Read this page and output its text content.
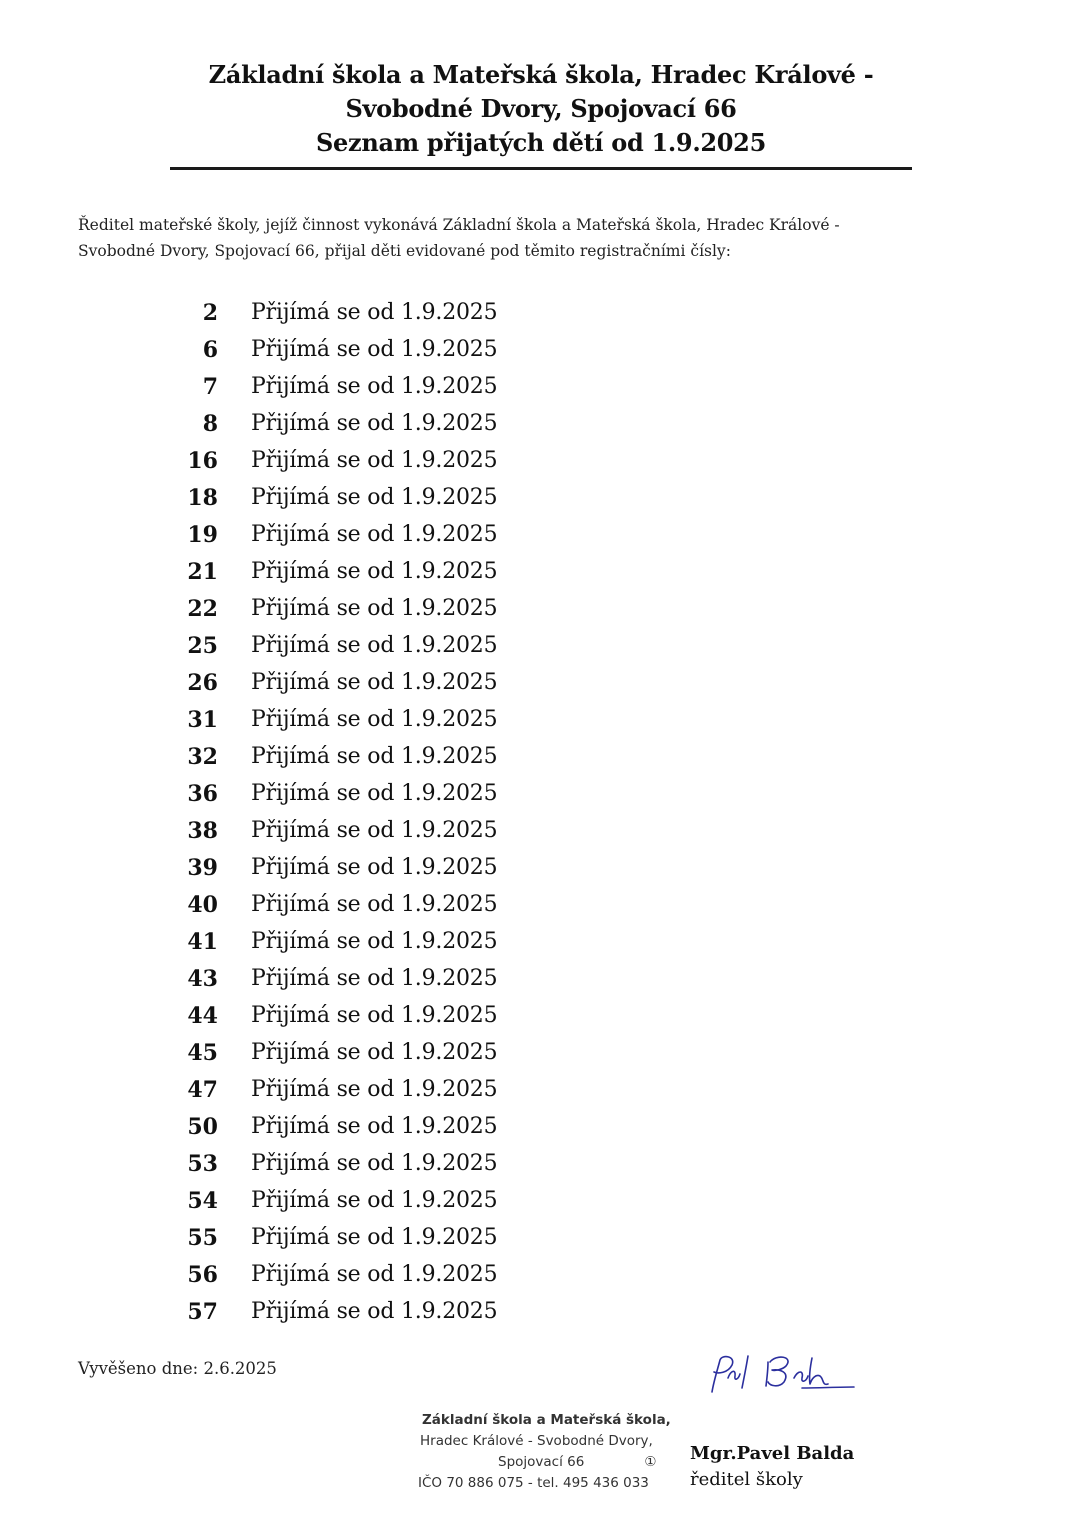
Základní škola a Mateřská škola, Hradec Králové -
Svobodné Dvory, Spojovací 66
Seznam přijatých dětí od 1.9.2025
Ředitel mateřské školy, jejíž činnost vykonává Základní škola a Mateřská škola, Hradec Králové -
Svobodné Dvory, Spojovací 66, přijal děti evidované pod těmito registračními čísly:
2 Přijímá se od 1.9.2025
6 Přijímá se od 1.9.2025
7 Přijímá se od 1.9.2025
8 Přijímá se od 1.9.2025
16 Přijímá se od 1.9.2025
18 Přijímá se od 1.9.2025
19 Přijímá se od 1.9.2025
21 Přijímá se od 1.9.2025
22 Přijímá se od 1.9.2025
25 Přijímá se od 1.9.2025
26 Přijímá se od 1.9.2025
31 Přijímá se od 1.9.2025
32 Přijímá se od 1.9.2025
36 Přijímá se od 1.9.2025
38 Přijímá se od 1.9.2025
39 Přijímá se od 1.9.2025
40 Přijímá se od 1.9.2025
41 Přijímá se od 1.9.2025
43 Přijímá se od 1.9.2025
44 Přijímá se od 1.9.2025
45 Přijímá se od 1.9.2025
47 Přijímá se od 1.9.2025
50 Přijímá se od 1.9.2025
53 Přijímá se od 1.9.2025
54 Přijímá se od 1.9.2025
55 Přijímá se od 1.9.2025
56 Přijímá se od 1.9.2025
57 Přijímá se od 1.9.2025
Vyvěšeno dne: 2.6.2025
Základní škola a Mateřská škola,
Hradec Králové - Svobodné Dvory,
Spojovací 66	①
IČO 70 886 075 - tel. 495 436 033
Mgr.Pavel Balda
ředitel školy
